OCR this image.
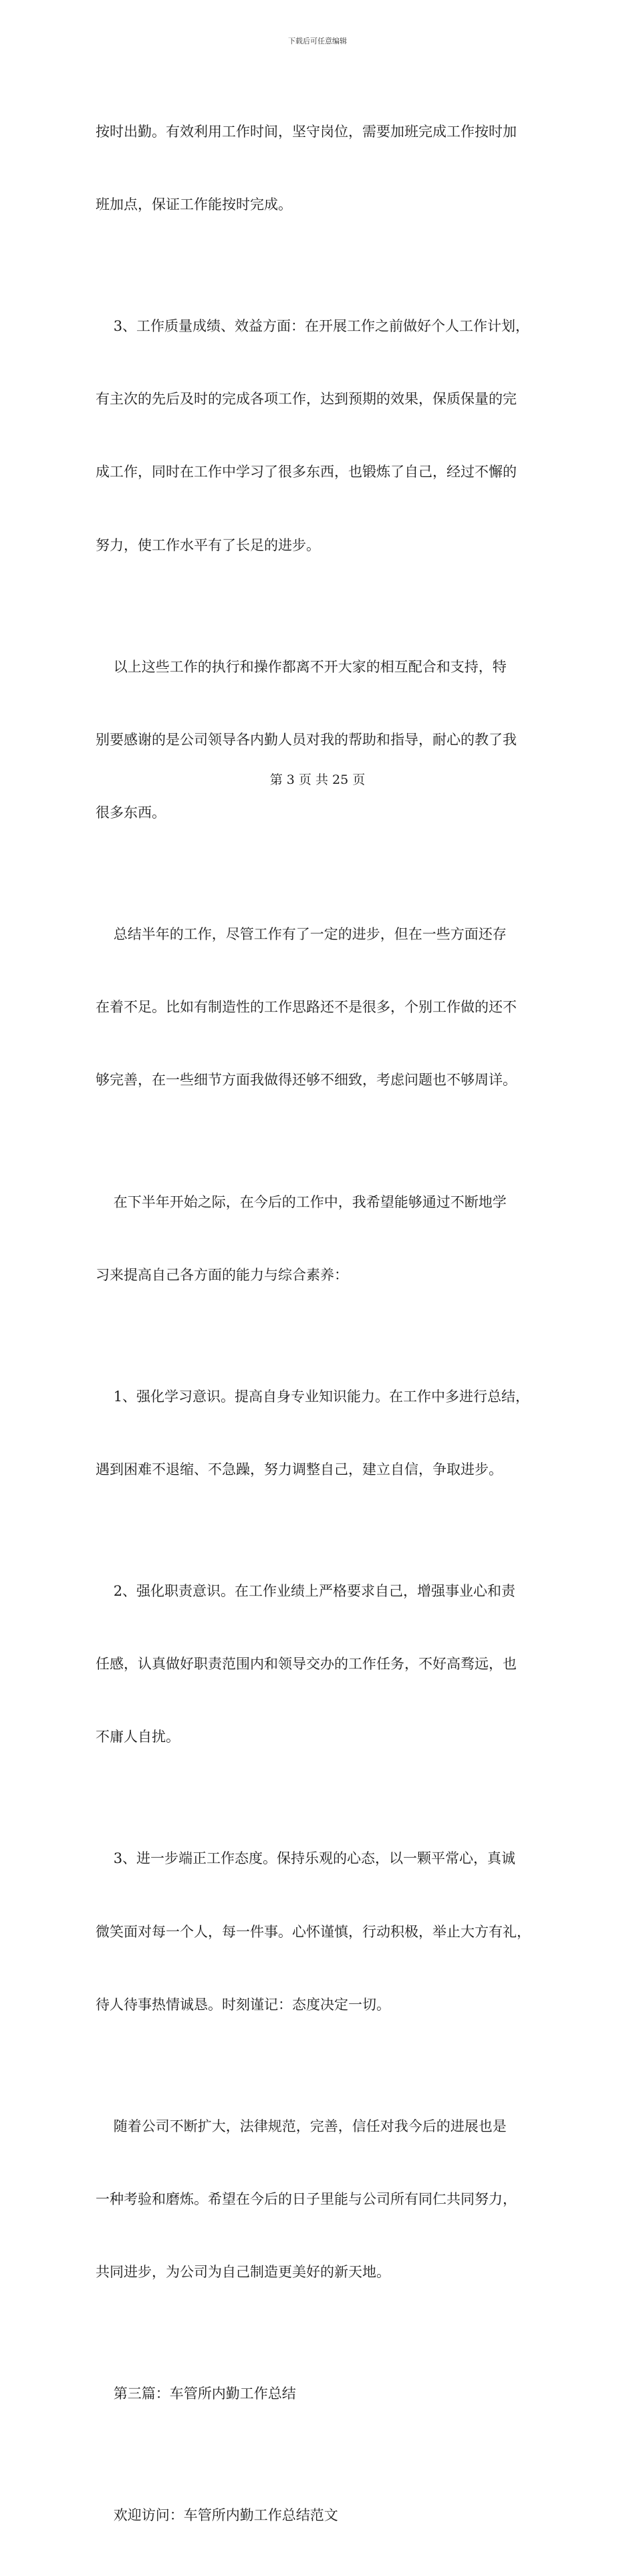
下载后可任意编辑

按时出勤。有效利用工作时间，坚守岗位，需要加班完成工作按时加

班加点，保证工作能按时完成。

3、工作质量成绩、效益方面：在开展工作之前做好个人工作计划，

有主次的先后及时的完成各项工作，达到预期的效果，保质保量的完

成工作，同时在工作中学习了很多东西，也锻炼了自己，经过不懈的

努力，使工作水平有了长足的进步。

以上这些工作的执行和操作都离不开大家的相互配合和支持，特

别要感谢的是公司领导各内勤人员对我的帮助和指导，耐心的教了我

很多东西。

总结半年的工作，尽管工作有了一定的进步，但在一些方面还存

在着不足。比如有制造性的工作思路还不是很多，个别工作做的还不

够完善，在一些细节方面我做得还够不细致，考虑问题也不够周详。

在下半年开始之际，在今后的工作中，我希望能够通过不断地学

习来提高自己各方面的能力与综合素养：

1、强化学习意识。提高自身专业知识能力。在工作中多进行总结，

遇到困难不退缩、不急躁，努力调整自己，建立自信，争取进步。

2、强化职责意识。在工作业绩上严格要求自己，增强事业心和责

任感，认真做好职责范围内和领导交办的工作任务，不好高骛远，也

不庸人自扰。

3、进一步端正工作态度。保持乐观的心态，以一颗平常心，真诚

微笑面对每一个人，每一件事。心怀谨慎，行动积极，举止大方有礼，

待人待事热情诚恳。时刻谨记：态度决定一切。

随着公司不断扩大，法律规范，完善，信任对我今后的进展也是

一种考验和磨炼。希望在今后的日子里能与公司所有同仁共同努力，

共同进步，为公司为自己制造更美好的新天地。

第三篇：车管所内勤工作总结

欢迎访问：车管所内勤工作总结范文

第 3 页 共 25 页
